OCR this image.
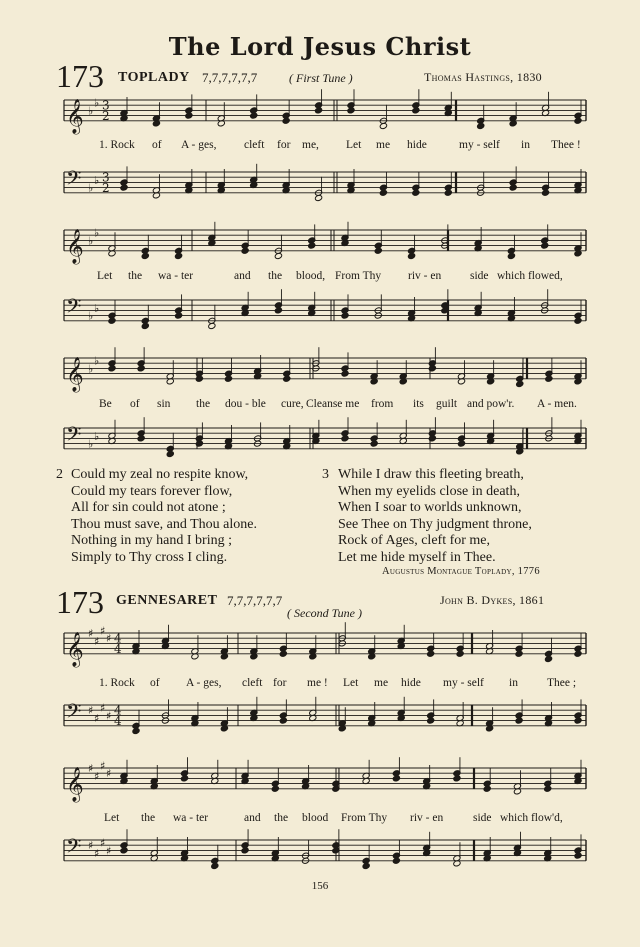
The Lord Jesus Christ
173 TOPLADY 7,7,7,7,7,7	( First Tune )	Thomas Hastings, 1830
𝄞 ♭
♭ 3
2
𝄢 ♭
♭ 3
2
𝄞 ♭
♭
𝄢 ♭
♭
𝄞 ♭
♭
𝄢 ♭
♭
𝄞 ♯
♯
♯
♯ 4
4
𝄢 ♯
♯
♯
♯ 4
4
𝄞 ♯
♯
♯
♯
𝄢 ♯
♯
♯
♯
1. Rock of A - ges, cleft for me, Let me hide	my - self in Thee !
Let the wa - ter	and the blood, From Thy riv - en	side which flowed,
Be of sin the dou - ble cure, Cleanse me from its guilt and pow'r. A - men.
2 Could my zeal no respite know,
Could my tears forever flow,
All for sin could not atone ;
Thou must save, and Thou alone.
Nothing in my hand I bring ;
Simply to Thy cross I cling.
3 While I draw this fleeting breath,
When my eyelids close in death,
When I soar to worlds unknown,
See Thee on Thy judgment throne,
Rock of Ages, cleft for me,
Let me hide myself in Thee.
Augustus Montague Toplady, 1776
173 GENNESARET 7,7,7,7,7,7
( Second Tune )
John B. Dykes, 1861
1. Rock of A - ges, cleft for me ! Let me hide my - self in	Thee ;
Let the wa - ter	and the blood From Thy riv - en	side which flow'd,
156
